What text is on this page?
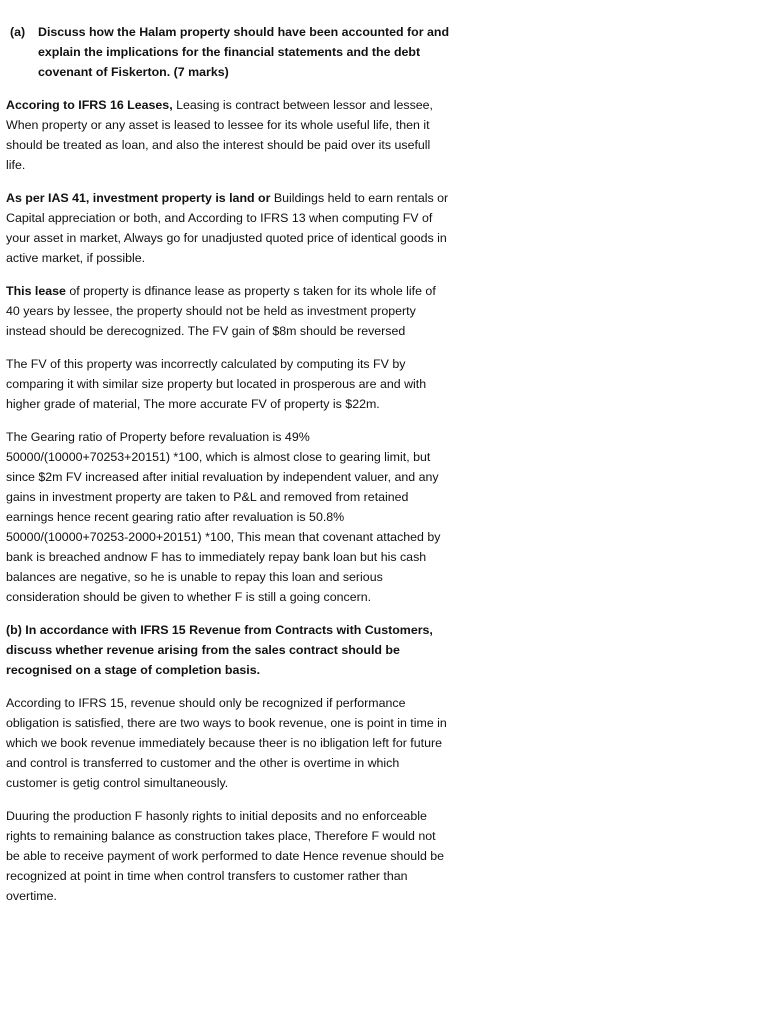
(a)	Discuss how the Halam property should have been accounted for and explain the implications for the financial statements and the debt covenant of Fiskerton. (7 marks)

Accoring to IFRS 16 Leases, Leasing is contract between lessor and lessee, When property or any asset is leased to lessee for its whole useful life, then it should be treated as loan, and also the interest should be paid over its usefull life.

As per IAS 41, investment property is land or Buildings held to earn rentals or Capital appreciation or both, and According to IFRS 13 when computing FV of your asset in market, Always go for unadjusted quoted price of identical goods in active market, if possible.

This lease of property is dfinance lease as property s taken for its whole life of 40 years by lessee, the property should not be held as investment property instead should be derecognized. The FV gain of $8m should be reversed

The FV of this property was incorrectly calculated by computing its FV by comparing it with similar size property but located in prosperous are and with higher grade of material, The more accurate FV of property is $22m.

The Gearing ratio of Property before revaluation is 49% 50000/(10000+70253+20151) *100, which is almost close to gearing limit, but since $2m FV increased after initial revaluation by independent valuer, and any gains in investment property are taken to P&L and removed from retained earnings hence recent gearing ratio after revaluation is 50.8% 50000/(10000+70253-2000+20151) *100, This mean that covenant attached by bank is breached andnow F has to immediately repay bank loan but his cash balances are negative, so he is unable to repay this loan and serious consideration should be given to whether F is still a going concern.

(b) In accordance with IFRS 15 Revenue from Contracts with Customers, discuss whether revenue arising from the sales contract should be recognised on a stage of completion basis.

According to IFRS 15, revenue should only be recognized if performance obligation is satisfied, there are two ways to book revenue, one is point in time in which we book revenue immediately because theer is no ibligation left for future and control is transferred to customer and the other is overtime in which customer is getig control simultaneously.

Duuring the production F hasonly rights to initial deposits and no enforceable rights to remaining balance as construction takes place, Therefore F would not be able to receive payment of work performed to date Hence revenue should be recognized at point in time when control transfers to customer rather than overtime.
